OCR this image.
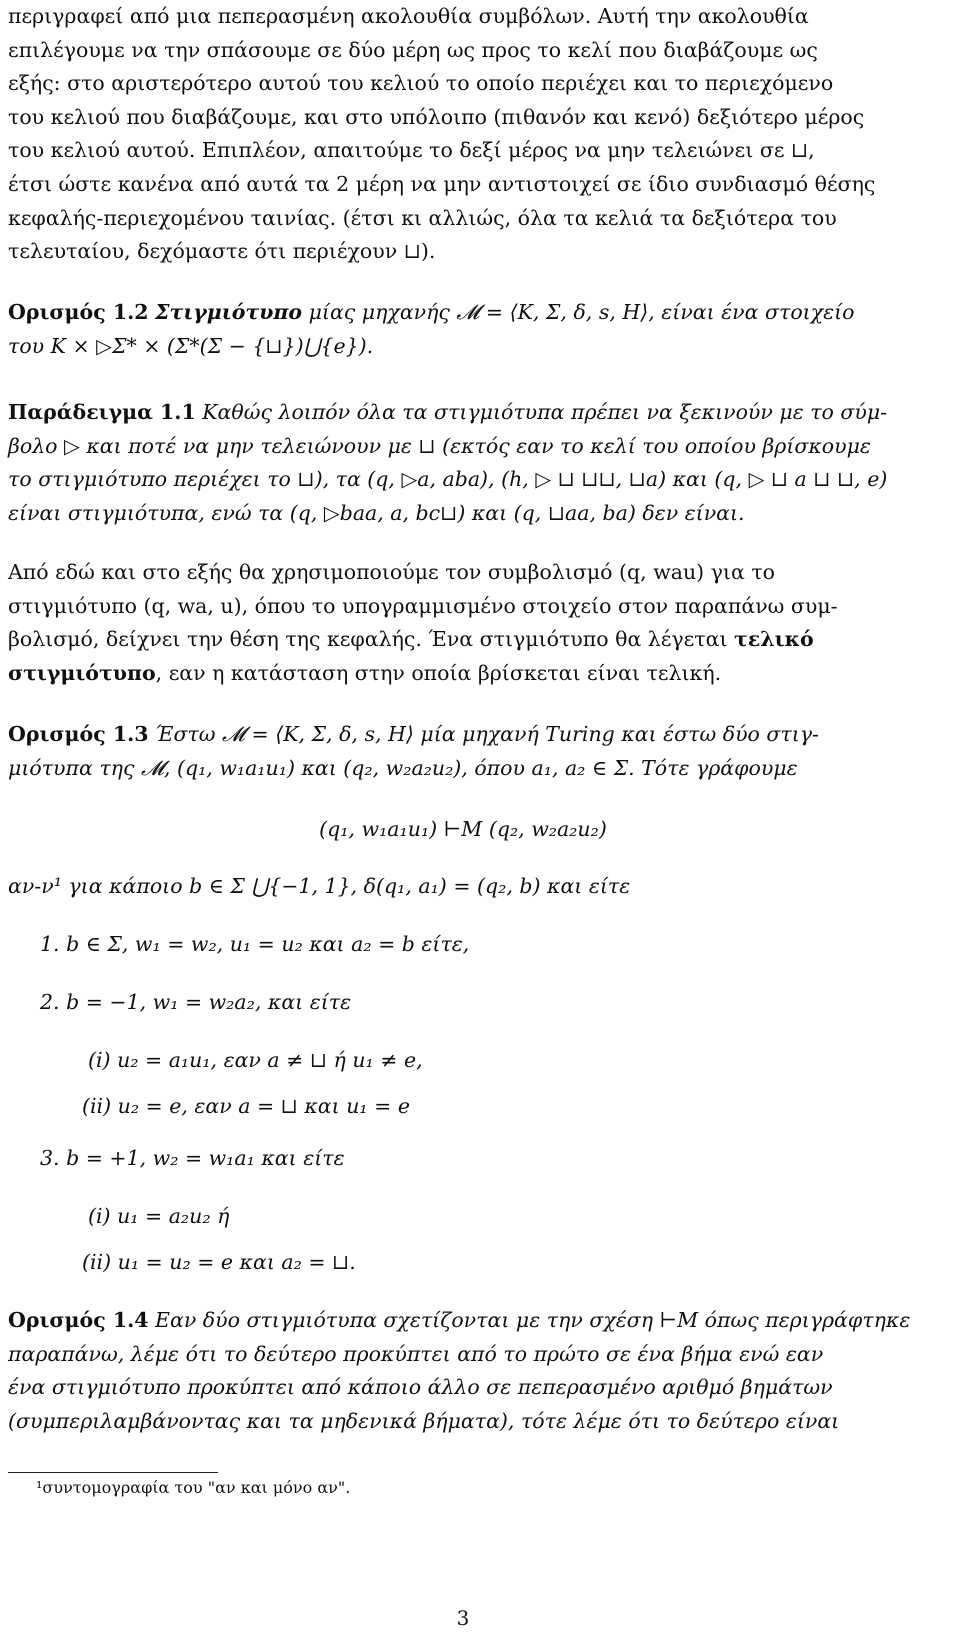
περιγραφεί από μια πεπερασμένη ακολουθία συμβόλων. Αυτή την ακολουθία

επιλέγουμε να την σπάσουμε σε δύο μέρη ως προς το κελί που διαβάζουμε ως

εξής: στο αριστερότερο αυτού του κελιού το οποίο περιέχει και το περιεχόμενο

του κελιού που διαβάζουμε, και στο υπόλοιπο (πιθανόν και κενό) δεξιότερο μέρος

του κελιού αυτού. Επιπλέον, απαιτούμε το δεξί μέρος να μην τελειώνει σε ⊔,

έτσι ώστε κανένα από αυτά τα 2 μέρη να μην αντιστοιχεί σε ίδιο συνδιασμό θέσης

κεφαλής-περιεχομένου ταινίας. (έτσι κι αλλιώς, όλα τα κελιά τα δεξιότερα του

τελευταίου, δεχόμαστε ότι περιέχουν ⊔).

Ορισμός 1.2 Στιγμιότυπο μίας μηχανής 𝓜 = ⟨K, Σ, δ, s, H⟩, είναι ένα στοιχείο

του K × ▷Σ* × (Σ*(Σ − {⊔})⋃{e}).

Παράδειγμα 1.1 Καθώς λοιπόν όλα τα στιγμιότυπα πρέπει να ξεκινούν με το σύμ-

βολο ▷ και ποτέ να μην τελειώνουν με ⊔ (εκτός εαν το κελί του οποίου βρίσκουμε

το στιγμιότυπο περιέχει το ⊔), τα (q, ▷a, aba), (h, ▷ ⊔ ⊔⊔, ⊔a) και (q, ▷ ⊔ a ⊔ ⊔, e)

είναι στιγμιότυπα, ενώ τα (q, ▷baa, a, bc⊔) και (q, ⊔aa, ba) δεν είναι.

Από εδώ και στο εξής θα χρησιμοποιούμε τον συμβολισμό (q, wau) για το

στιγμιότυπο (q, wa, u), όπου το υπογραμμισμένο στοιχείο στον παραπάνω συμ-

βολισμό, δείχνει την θέση της κεφαλής. Ένα στιγμιότυπο θα λέγεται τελικό

στιγμιότυπο, εαν η κατάσταση στην οποία βρίσκεται είναι τελική.

Ορισμός 1.3 Έστω 𝓜 = ⟨K, Σ, δ, s, H⟩ μία μηχανή Turing και έστω δύο στιγ-

μιότυπα της 𝓜, (q₁, w₁a₁u₁) και (q₂, w₂a₂u₂), όπου a₁, a₂ ∈ Σ. Τότε γράφουμε

(q₁, w₁a₁u₁) ⊢M (q₂, w₂a₂u₂)

αν-ν¹ για κάποιο b ∈ Σ ⋃{−1, 1}, δ(q₁, a₁) = (q₂, b) και είτε

1. b ∈ Σ, w₁ = w₂, u₁ = u₂ και a₂ = b είτε,
2. b = −1, w₁ = w₂a₂, και είτε
(i) u₂ = a₁u₁, εαν a ≠ ⊔ ή u₁ ≠ e,
(ii) u₂ = e, εαν a = ⊔ και u₁ = e
3. b = +1, w₂ = w₁a₁ και είτε
(i) u₁ = a₂u₂ ή
(ii) u₁ = u₂ = e και a₂ = ⊔.

Ορισμός 1.4 Εαν δύο στιγμιότυπα σχετίζονται με την σχέση ⊢M όπως περιγράφτηκε

παραπάνω, λέμε ότι το δεύτερο προκύπτει από το πρώτο σε ένα βήμα ενώ εαν

ένα στιγμιότυπο προκύπτει από κάποιο άλλο σε πεπερασμένο αριθμό βημάτων

(συμπεριλαμβάνοντας και τα μηδενικά βήματα), τότε λέμε ότι το δεύτερο είναι

¹συντομογραφία του "αν και μόνο αν".
3
